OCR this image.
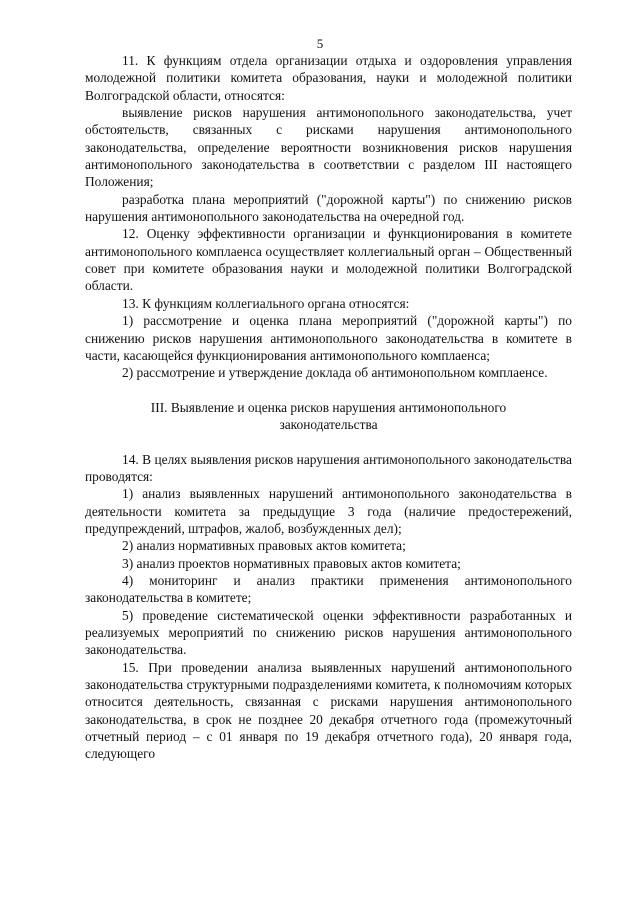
5

11. К функциям отдела организации отдыха и оздоровления управления молодежной политики комитета образования, науки и молодежной политики Волгоградской области, относятся:

выявление рисков нарушения антимонопольного законодательства, учет обстоятельств, связанных с рисками нарушения антимонопольного законодательства, определение вероятности возникновения рисков нарушения антимонопольного законодательства в соответствии с разделом III настоящего Положения;

разработка плана мероприятий ("дорожной карты") по снижению рисков нарушения антимонопольного законодательства на очередной год.

12. Оценку эффективности организации и функционирования в комитете антимонопольного комплаенса осуществляет коллегиальный орган – Общественный совет при комитете образования науки и молодежной политики Волгоградской области.

13. К функциям коллегиального органа относятся:

1) рассмотрение и оценка плана мероприятий ("дорожной карты") по снижению рисков нарушения антимонопольного законодательства в комитете в части, касающейся функционирования антимонопольного комплаенса;

2) рассмотрение и утверждение доклада об антимонопольном комплаенсе.

III. Выявление и оценка рисков нарушения антимонопольного

законодательства

14. В целях выявления рисков нарушения антимонопольного законодательства проводятся:

1) анализ выявленных нарушений антимонопольного законодательства в деятельности комитета за предыдущие 3 года (наличие предостережений, предупреждений, штрафов, жалоб, возбужденных дел);

2) анализ нормативных правовых актов комитета;

3) анализ проектов нормативных правовых актов комитета;

4) мониторинг и анализ практики применения антимонопольного законодательства в комитете;

5) проведение систематической оценки эффективности разработанных и реализуемых мероприятий по снижению рисков нарушения антимонопольного законодательства.

15. При проведении анализа выявленных нарушений антимонопольного законодательства структурными подразделениями комитета, к полномочиям которых относится деятельность, связанная с рисками нарушения антимонопольного законодательства, в срок не позднее 20 декабря отчетного года (промежуточный отчетный период – с 01 января по 19 декабря отчетного года), 20 января года, следующего
